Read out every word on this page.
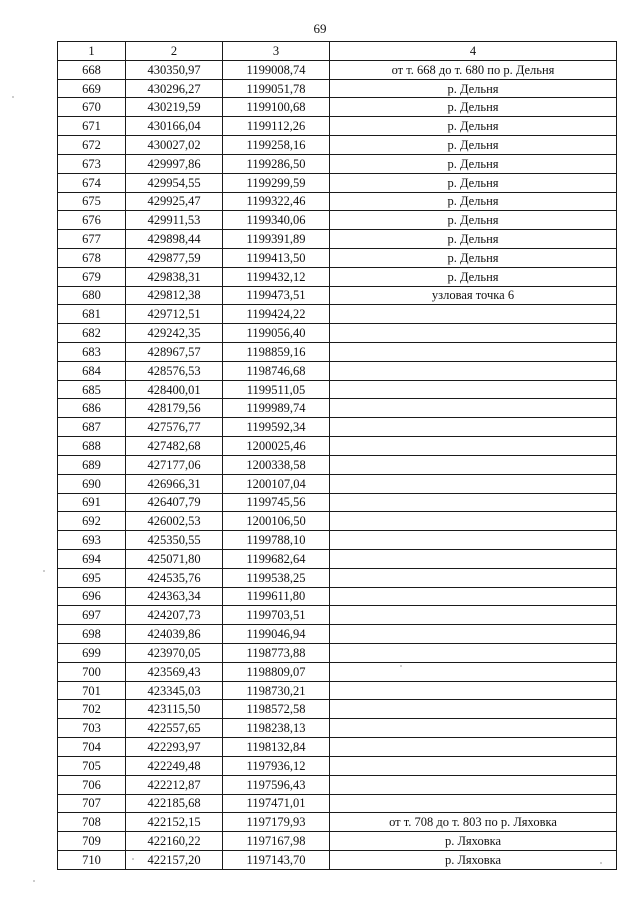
69
1	2	3	4
668	430350,97	1199008,74	от т. 668 до т. 680 по р. Дельня
669	430296,27	1199051,78	р. Дельня
670	430219,59	1199100,68	р. Дельня
671	430166,04	1199112,26	р. Дельня
672	430027,02	1199258,16	р. Дельня
673	429997,86	1199286,50	р. Дельня
674	429954,55	1199299,59	р. Дельня
675	429925,47	1199322,46	р. Дельня
676	429911,53	1199340,06	р. Дельня
677	429898,44	1199391,89	р. Дельня
678	429877,59	1199413,50	р. Дельня
679	429838,31	1199432,12	р. Дельня
680	429812,38	1199473,51	узловая точка 6
681	429712,51	1199424,22	
682	429242,35	1199056,40	
683	428967,57	1198859,16	
684	428576,53	1198746,68	
685	428400,01	1199511,05	
686	428179,56	1199989,74	
687	427576,77	1199592,34	
688	427482,68	1200025,46	
689	427177,06	1200338,58	
690	426966,31	1200107,04	
691	426407,79	1199745,56	
692	426002,53	1200106,50	
693	425350,55	1199788,10	
694	425071,80	1199682,64	
695	424535,76	1199538,25	
696	424363,34	1199611,80	
697	424207,73	1199703,51	
698	424039,86	1199046,94	
699	423970,05	1198773,88	
700	423569,43	1198809,07	
701	423345,03	1198730,21	
702	423115,50	1198572,58	
703	422557,65	1198238,13	
704	422293,97	1198132,84	
705	422249,48	1197936,12	
706	422212,87	1197596,43	
707	422185,68	1197471,01	
708	422152,15	1197179,93	от т. 708 до т. 803 по р. Ляховка
709	422160,22	1197167,98	р. Ляховка
710	422157,20	1197143,70	р. Ляховка
